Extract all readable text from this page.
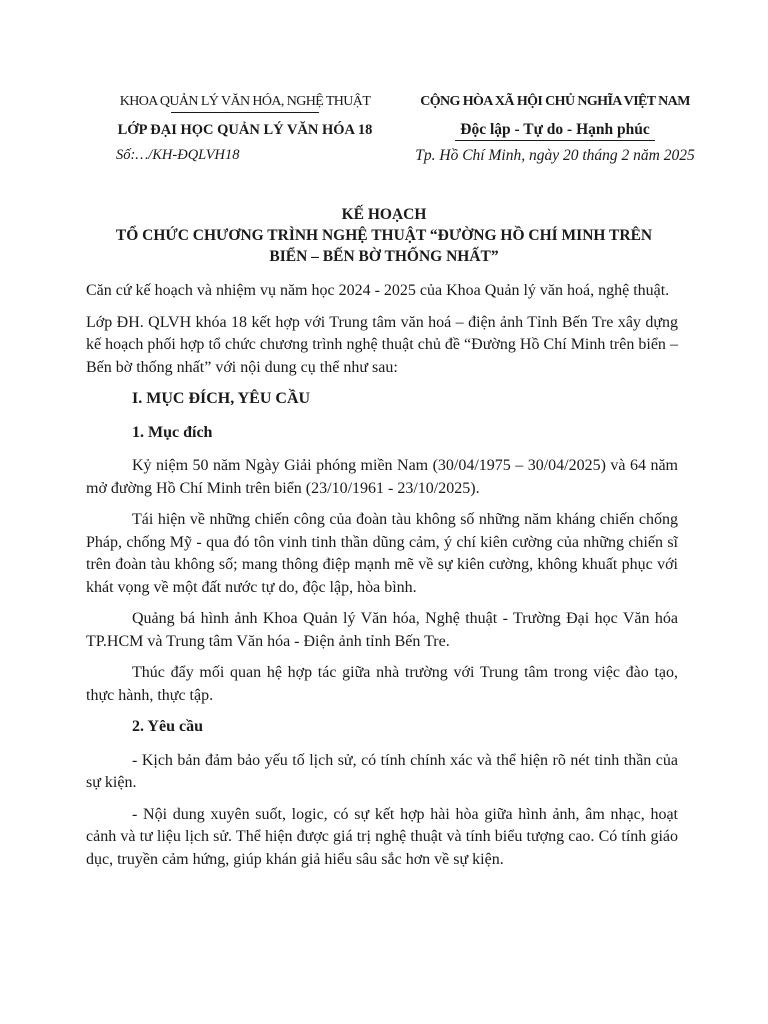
KHOA QUẢN LÝ VĂN HÓA, NGHỆ THUẬT
LỚP ĐẠI HỌC QUẢN LÝ VĂN HÓA 18
Số:…/KH-ĐQLVH18
CỘNG HÒA XÃ HỘI CHỦ NGHĨA VIỆT NAM
Độc lập - Tự do - Hạnh phúc
Tp. Hồ Chí Minh, ngày 20 tháng 2 năm 2025
KẾ HOẠCH
TỔ CHỨC CHƯƠNG TRÌNH NGHỆ THUẬT “ĐƯỜNG HỒ CHÍ MINH TRÊN
BIỂN – BẾN BỜ THỐNG NHẤT”

Căn cứ kế hoạch và nhiệm vụ năm học 2024 - 2025 của Khoa Quản lý văn hoá, nghệ thuật.

Lớp ĐH. QLVH khóa 18 kết hợp với Trung tâm văn hoá – điện ảnh Tỉnh Bến Tre xây dựng kế hoạch phối hợp tổ chức chương trình nghệ thuật chủ đề “Đường Hồ Chí Minh trên biển – Bến bờ thống nhất” với nội dung cụ thể như sau:

I. MỤC ĐÍCH, YÊU CẦU
1. Mục đích

Kỷ niệm 50 năm Ngày Giải phóng miền Nam (30/04/1975 – 30/04/2025) và 64 năm mở đường Hồ Chí Minh trên biển (23/10/1961 - 23/10/2025).

Tái hiện về những chiến công của đoàn tàu không số những năm kháng chiến chống Pháp, chống Mỹ - qua đó tôn vinh tinh thần dũng cảm, ý chí kiên cường của những chiến sĩ trên đoàn tàu không số; mang thông điệp mạnh mẽ về sự kiên cường, không khuất phục với khát vọng về một đất nước tự do, độc lập, hòa bình.

Quảng bá hình ảnh Khoa Quản lý Văn hóa, Nghệ thuật - Trường Đại học Văn hóa TP.HCM và Trung tâm Văn hóa - Điện ảnh tỉnh Bến Tre.

Thúc đẩy mối quan hệ hợp tác giữa nhà trường với Trung tâm trong việc đào tạo, thực hành, thực tập.

2. Yêu cầu

- Kịch bản đảm bảo yếu tố lịch sử, có tính chính xác và thể hiện rõ nét tinh thần của sự kiện.

- Nội dung xuyên suốt, logic, có sự kết hợp hài hòa giữa hình ảnh, âm nhạc, hoạt cảnh và tư liệu lịch sử. Thể hiện được giá trị nghệ thuật và tính biểu tượng cao. Có tính giáo dục, truyền cảm hứng, giúp khán giả hiểu sâu sắc hơn về sự kiện.
